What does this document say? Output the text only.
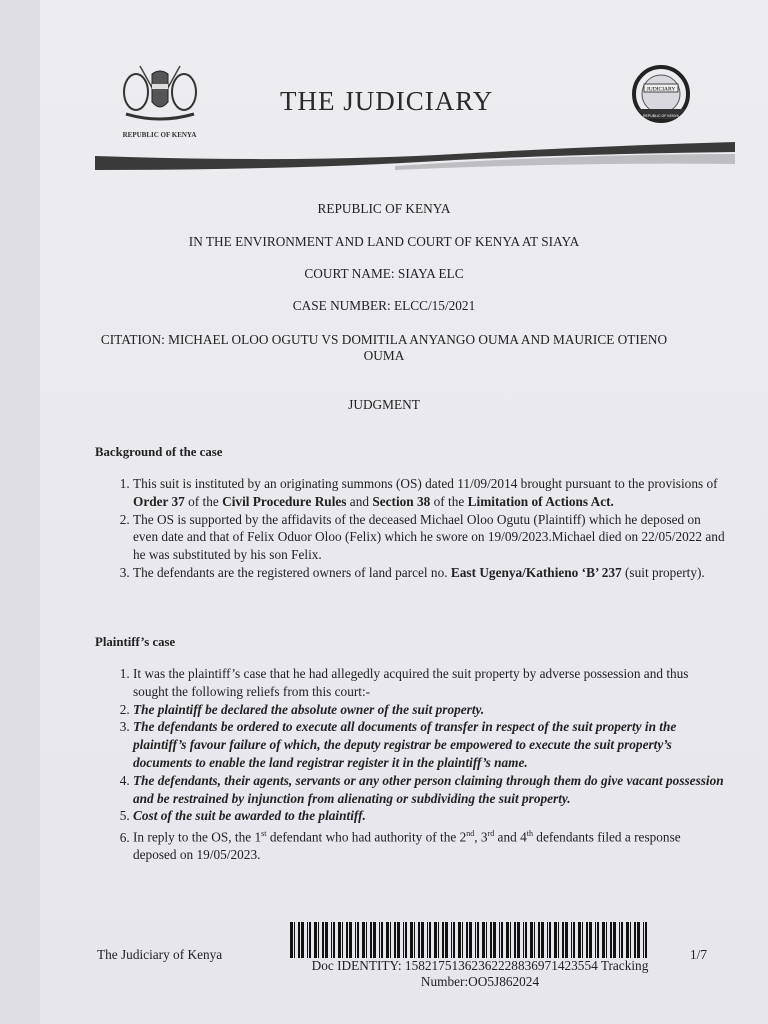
REPUBLIC OF KENYA
THE JUDICIARY	JUDICIARY
REPUBLIC OF KENYA
REPUBLIC OF KENYA
IN THE ENVIRONMENT AND LAND COURT OF KENYA AT SIAYA
COURT NAME: SIAYA ELC
CASE NUMBER: ELCC/15/2021
CITATION: MICHAEL OLOO OGUTU VS DOMITILA ANYANGO OUMA AND MAURICE OTIENO
OUMA
JUDGMENT
Background of the case
1. This suit is instituted by an originating summons (OS) dated 11/09/2014 brought pursuant to the provisions of Order 37 of the Civil Procedure Rules and Section 38 of the Limitation of Actions Act.
2. The OS is supported by the affidavits of the deceased Michael Oloo Ogutu (Plaintiff) which he deposed on even date and that of Felix Oduor Oloo (Felix) which he swore on 19/09/2023.Michael died on 22/05/2022 and he was substituted by his son Felix.
3. The defendants are the registered owners of land parcel no. East Ugenya/Kathieno ‘B’ 237 (suit property).
Plaintiff’s case
1. It was the plaintiff’s case that he had allegedly acquired the suit property by adverse possession and thus sought the following reliefs from this court:-
2. The plaintiff be declared the absolute owner of the suit property.
3. The defendants be ordered to execute all documents of transfer in respect of the suit property in the plaintiff’s favour failure of which, the deputy registrar be empowered to execute the suit property’s documents to enable the land registrar register it in the plaintiff’s name.
4. The defendants, their agents, servants or any other person claiming through them do give vacant possession and be restrained by injunction from alienating or subdividing the suit property.
5. Cost of the suit be awarded to the plaintiff.
6. In reply to the OS, the 1st defendant who had authority of the 2nd, 3rd and 4th defendants filed a response deposed on 19/05/2023.
The Judiciary of Kenya
Doc IDENTITY: 15821751362362228836971423554 Tracking
Number:OO5J862024
1/7
